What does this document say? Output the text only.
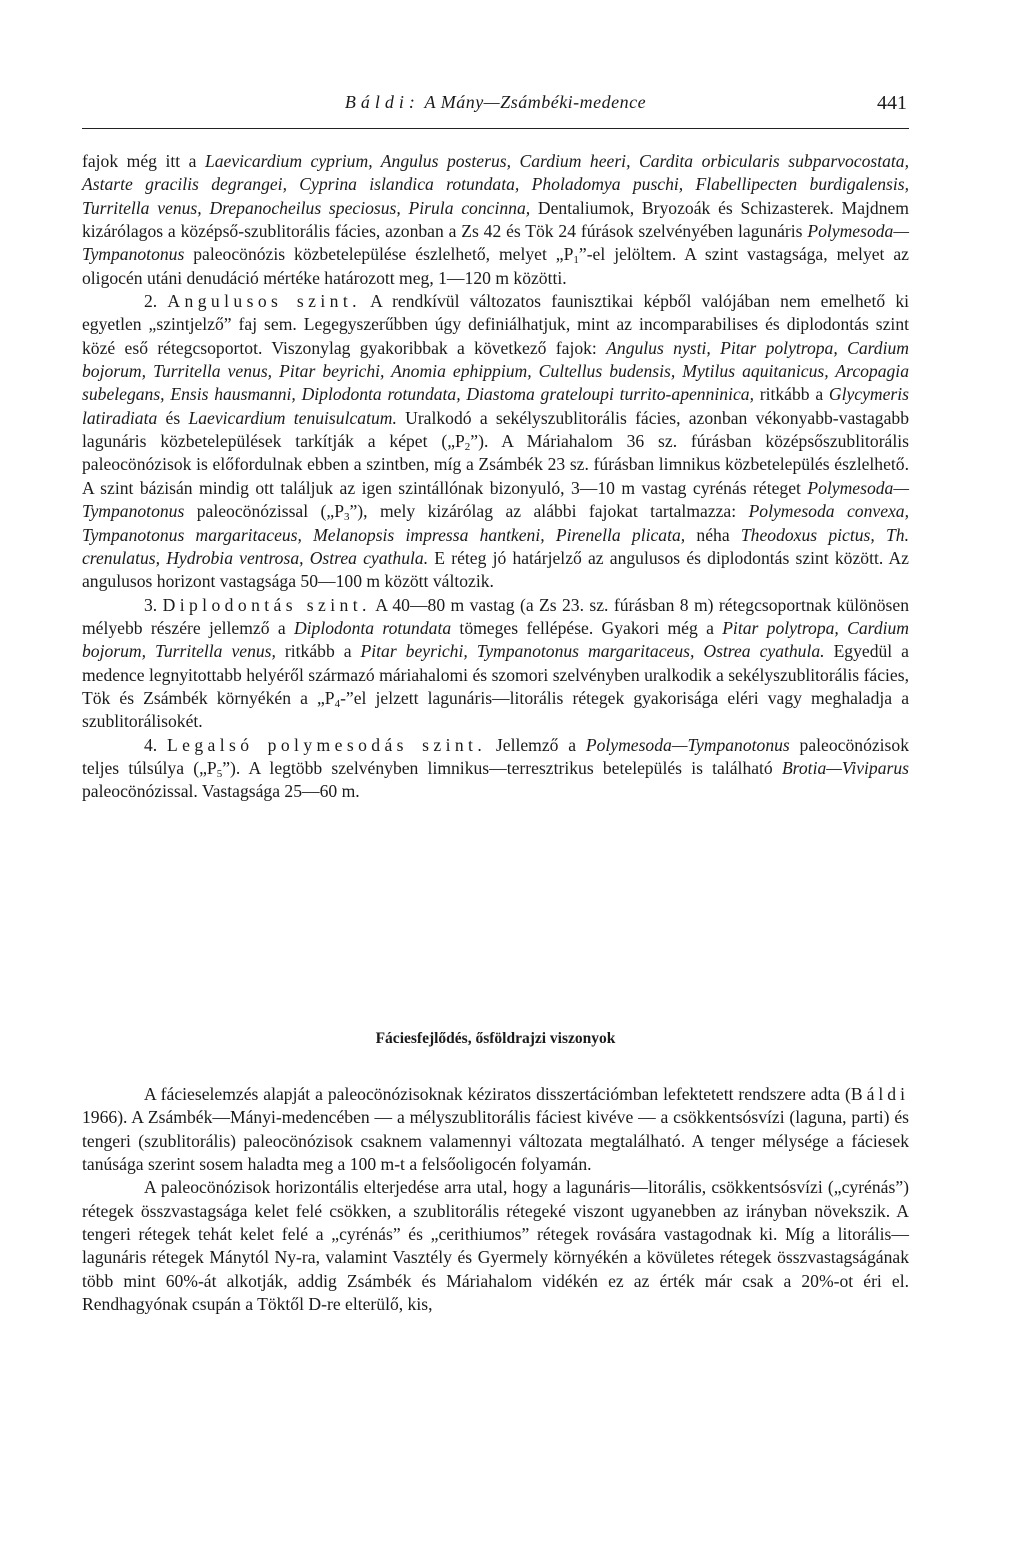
Báldi: A Mány—Zsámbéki-medence	441

fajok még itt a Laevicardium cyprium, Angulus posterus, Cardium heeri, Cardita orbicularis subparvocostata, Astarte gracilis degrangei, Cyprina islandica rotundata, Pholadomya puschi, Flabellipecten burdigalensis, Turritella venus, Drepanocheilus speciosus, Pirula concinna, Dentaliumok, Bryozoák és Schizasterek. Majdnem kizárólagos a középső-szublitorális fácies, azonban a Zs 42 és Tök 24 fúrások szelvényében lagunáris Polymesoda—Tympanotonus paleocönózis közbetelepülése észlelhető, melyet $„P_1”-el$ jelöltem. A szint vastagsága, melyet az oligocén utáni denudáció mértéke határozott meg, 1—120 m közötti.

2. Angulusos szint. A rendkívül változatos faunisztikai képből valójában nem emelhető ki egyetlen „szintjelző” faj sem. Legegyszerűbben úgy definiálhatjuk, mint az incomparabilises és diplodontás szint közé eső rétegcsoportot. Viszonylag gyakoribbak a következő fajok: Angulus nysti, Pitar polytropa, Cardium bojorum, Turritella venus, Pitar beyrichi, Anomia ephippium, Cultellus budensis, Mytilus aquitanicus, Arcopagia subelegans, Ensis hausmanni, Diplodonta rotundata, Diastoma grateloupi turrito-apenninica, ritkább a Glycymeris latiradiata és Laevicardium tenuisulcatum. Uralkodó a sekélyszublitorális fácies, azonban vékonyabb-vastagabb lagunáris közbetelepülések tarkítják a képet $(„P_2”)$. A Máriahalom 36 sz. fúrásban középsőszublitorális paleocönózisok is előfordulnak ebben a szintben, míg a Zsámbék 23 sz. fúrásban limnikus közbetelepülés észlelhető. A szint bázisán mindig ott találjuk az igen szintállónak bizonyuló, 3—10 m vastag cyrénás réteget Polymesoda—Tympanotonus paleocönózissal $(„P_3”)$, mely kizárólag az alábbi fajokat tartalmazza: Polymesoda convexa, Tympanotonus margaritaceus, Melanopsis impressa hantkeni, Pirenella plicata, néha Theodoxus pictus, Th. crenulatus, Hydrobia ventrosa, Ostrea cyathula. E réteg jó határjelző az angulusos és diplodontás szint között. Az angulusos horizont vastagsága 50—100 m között változik.

3. Diplodontás szint. A 40—80 m vastag (a Zs 23. sz. fúrásban 8 m) rétegcsoportnak különösen mélyebb részére jellemző a Diplodonta rotundata tömeges fellépése. Gyakori még a Pitar polytropa, Cardium bojorum, Turritella venus, ritkább a Pitar beyrichi, Tympanotonus margaritaceus, Ostrea cyathula. Egyedül a medence legnyitottabb helyéről származó máriahalomi és szomori szelvényben uralkodik a sekélyszublitorális fácies, Tök és Zsámbék környékén a $„P_4-”el$ jelzett lagunáris—litorális rétegek gyakorisága eléri vagy meghaladja a szublitorálisokét.

4. Legalsó polymesodás szint. Jellemző a Polymesoda—Tympanotonus paleocönózisok teljes túlsúlya $(„P_5”)$. A legtöbb szelvényben limnikus—terresztrikus betelepülés is található Brotia—Viviparus paleocönózissal. Vastagsága 25—60 m.

Fáciesfejlődés, ősföldrajzi viszonyok

A fácieselemzés alapját a paleocönózisoknak kéziratos disszertációmban lefektetett rendszere adta (Báldi 1966). A Zsámbék—Mányi-medencében — a mélyszublitorális fáciest kivéve — a csökkentsósvízi (laguna, parti) és tengeri (szublitorális) paleocönózisok csaknem valamennyi változata megtalálható. A tenger mélysége a fáciesek tanúsága szerint sosem haladta meg a 100 m-t a felsőoligocén folyamán.

A paleocönózisok horizontális elterjedése arra utal, hogy a lagunáris—litorális, csökkentsósvízi („cyrénás”) rétegek összvastagsága kelet felé csökken, a szublitorális rétegeké viszont ugyanebben az irányban növekszik. A tengeri rétegek tehát kelet felé a „cyrénás” és „cerithiumos” rétegek rovására vastagodnak ki. Míg a litorális—lagunáris rétegek Mánytól Ny-ra, valamint Vasztély és Gyermely környékén a kövületes rétegek összvastagságának több mint 60%-át alkotják, addig Zsámbék és Máriahalom vidékén ez az érték már csak a 20%-ot éri el. Rendhagyónak csupán a Töktől D-re elterülő, kis,
